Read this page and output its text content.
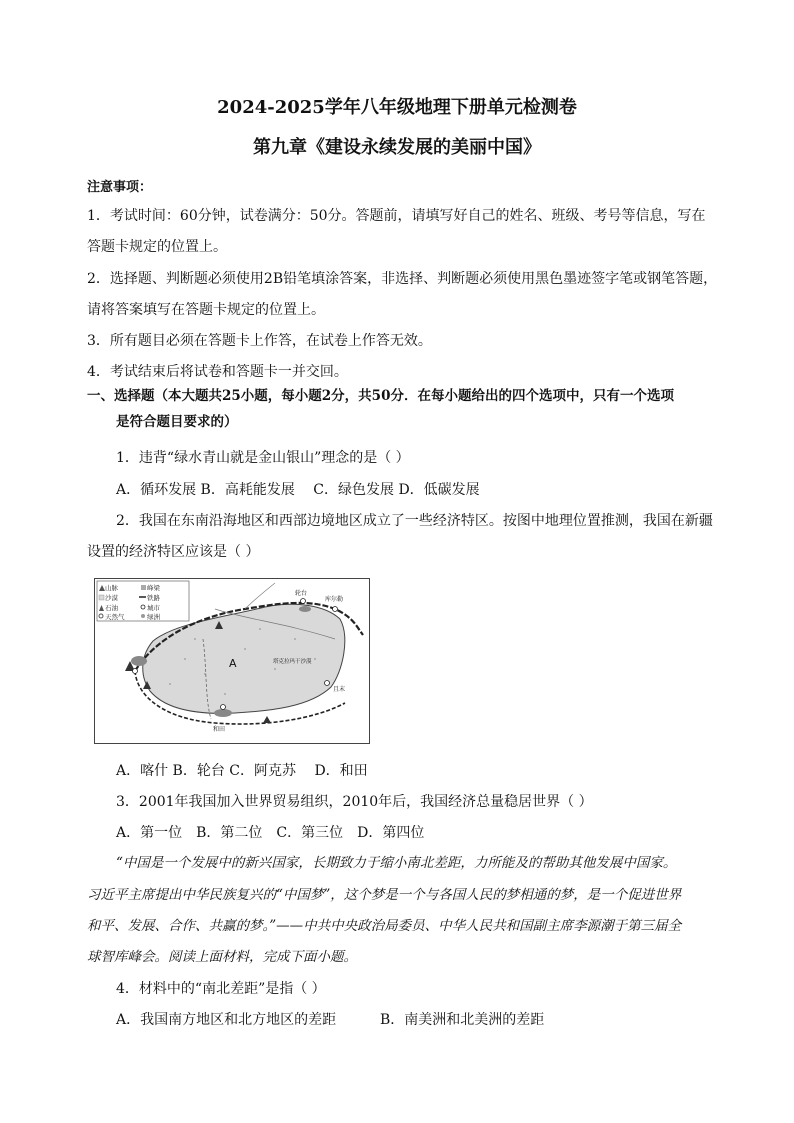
2024-2025学年八年级地理下册单元检测卷
第九章《建设永续发展的美丽中国》
注意事项：
1．考试时间：60分钟，试卷满分：50分。答题前，请填写好自己的姓名、班级、考号等信息，写在
答题卡规定的位置上。
2．选择题、判断题必须使用2B铅笔填涂答案，非选择、判断题必须使用黑色墨迹签字笔或钢笔答题，
请将答案填写在答题卡规定的位置上。
3．所有题目必须在答题卡上作答，在试卷上作答无效。
4．考试结束后将试卷和答题卡一并交回。
一、选择题（本大题共25小题，每小题2分，共50分．在每小题给出的四个选项中，只有一个选项
是符合题目要求的）
1．违背“绿水青山就是金山银山”理念的是（ ）
A．循环发展 B．高耗能发展　 C．绿色发展 D．低碳发展
2．我国在东南沿海地区和西部边境地区成立了一些经济特区。按图中地理位置推测，我国在新疆
设置的经济特区应该是（ ）
山脉	峰梁
沙漠	铁路
石油	城市
天然气	绿洲
A
轮台
库尔勒
且末
和田
塔克拉玛干沙漠
A．喀什 B．轮台 C．阿克苏　 D．和田
3．2001年我国加入世界贸易组织，2010年后，我国经济总量稳居世界（ ）
A．第一位　B．第二位　C．第三位　D．第四位
“中国是一个发展中的新兴国家，长期致力于缩小南北差距，力所能及的帮助其他发展中国家。
习近平主席提出中华民族复兴的“中国梦”，这个梦是一个与各国人民的梦相通的梦，是一个促进世界
和平、发展、合作、共赢的梦。”——中共中央政治局委员、中华人民共和国副主席李源潮于第三届全
球智库峰会。阅读上面材料，完成下面小题。
4．材料中的“南北差距”是指（ ）
A．我国南方地区和北方地区的差距	B．南美洲和北美洲的差距
